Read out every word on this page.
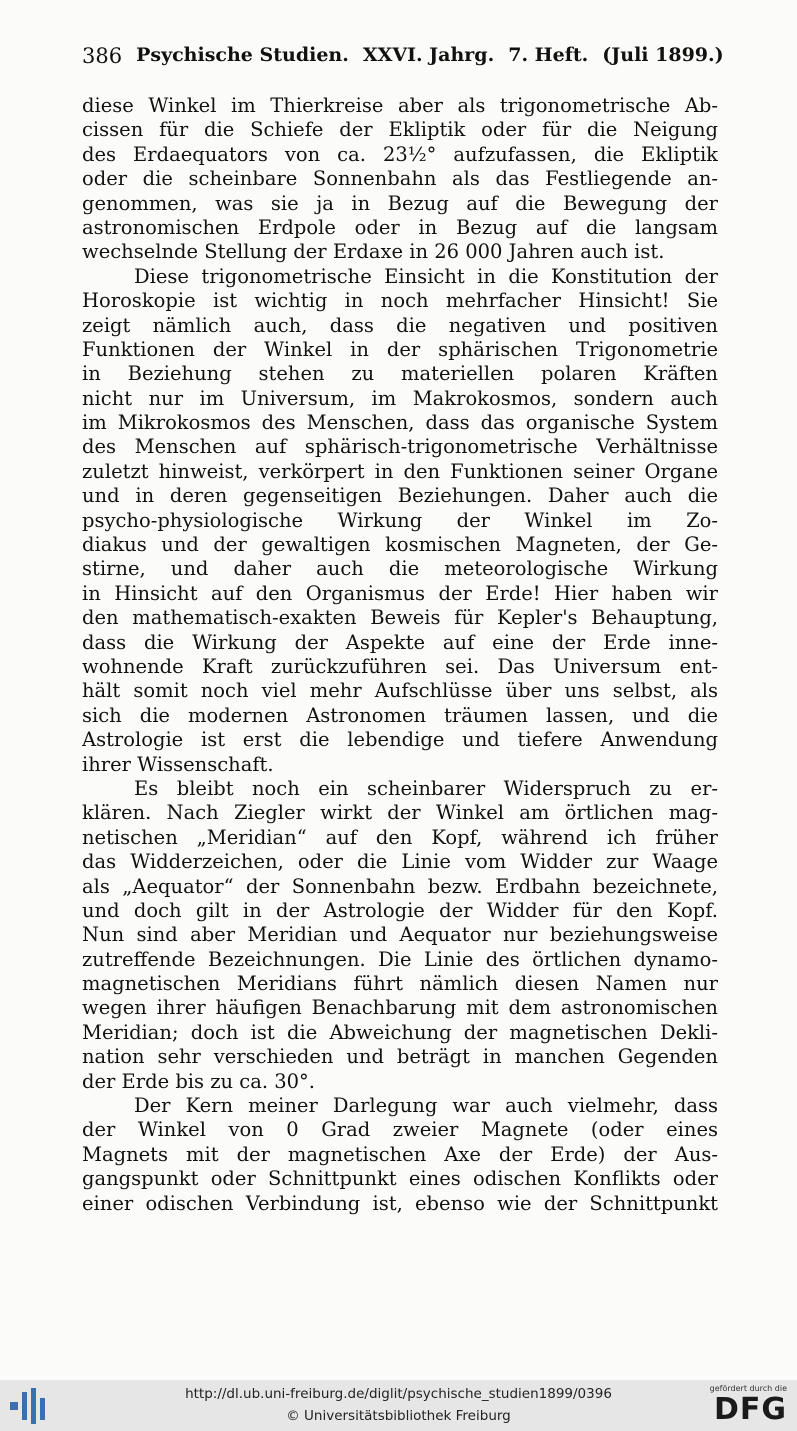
386 Psychische Studien. XXVI. Jahrg. 7. Heft. (Juli 1899.)
diese Winkel im Thierkreise aber als trigonometrische Ab-
cissen für die Schiefe der Ekliptik oder für die Neigung
des Erdaequators von ca. 23½° aufzufassen, die Ekliptik
oder die scheinbare Sonnenbahn als das Festliegende an-
genommen, was sie ja in Bezug auf die Bewegung der
astronomischen Erdpole oder in Bezug auf die langsam
wechselnde Stellung der Erdaxe in 26 000 Jahren auch ist.
Diese trigonometrische Einsicht in die Konstitution der
Horoskopie ist wichtig in noch mehrfacher Hinsicht! Sie
zeigt nämlich auch, dass die negativen und positiven
Funktionen der Winkel in der sphärischen Trigonometrie
in Beziehung stehen zu materiellen polaren Kräften
nicht nur im Universum, im Makrokosmos, sondern auch
im Mikrokosmos des Menschen, dass das organische System
des Menschen auf sphärisch-trigonometrische Verhältnisse
zuletzt hinweist, verkörpert in den Funktionen seiner Organe
und in deren gegenseitigen Beziehungen. Daher auch die
psycho-physiologische Wirkung der Winkel im Zo-
diakus und der gewaltigen kosmischen Magneten, der Ge-
stirne, und daher auch die meteorologische Wirkung
in Hinsicht auf den Organismus der Erde! Hier haben wir
den mathematisch-exakten Beweis für Kepler's Behauptung,
dass die Wirkung der Aspekte auf eine der Erde inne-
wohnende Kraft zurückzuführen sei. Das Universum ent-
hält somit noch viel mehr Aufschlüsse über uns selbst, als
sich die modernen Astronomen träumen lassen, und die
Astrologie ist erst die lebendige und tiefere Anwendung
ihrer Wissenschaft.
Es bleibt noch ein scheinbarer Widerspruch zu er-
klären. Nach Ziegler wirkt der Winkel am örtlichen mag-
netischen „Meridian“ auf den Kopf, während ich früher
das Widderzeichen, oder die Linie vom Widder zur Waage
als „Aequator“ der Sonnenbahn bezw. Erdbahn bezeichnete,
und doch gilt in der Astrologie der Widder für den Kopf.
Nun sind aber Meridian und Aequator nur beziehungsweise
zutreffende Bezeichnungen. Die Linie des örtlichen dynamo-
magnetischen Meridians führt nämlich diesen Namen nur
wegen ihrer häufigen Benachbarung mit dem astronomischen
Meridian; doch ist die Abweichung der magnetischen Dekli-
nation sehr verschieden und beträgt in manchen Gegenden
der Erde bis zu ca. 30°.
Der Kern meiner Darlegung war auch vielmehr, dass
der Winkel von 0 Grad zweier Magnete (oder eines
Magnets mit der magnetischen Axe der Erde) der Aus-
gangspunkt oder Schnittpunkt eines odischen Konflikts oder
einer odischen Verbindung ist, ebenso wie der Schnittpunkt
http://dl.ub.uni-freiburg.de/diglit/psychische_studien1899/0396
© Universitätsbibliothek Freiburg
gefördert durch die
DFG
